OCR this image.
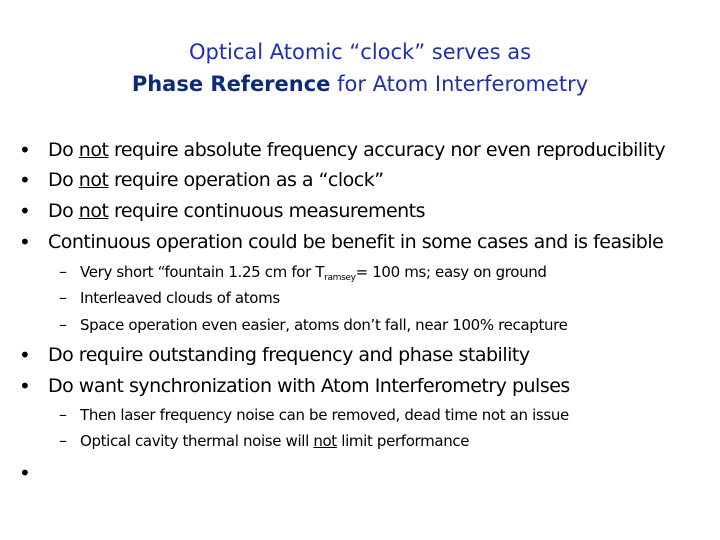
Optical Atomic “clock” serves as
Phase Reference for Atom Interferometry
• Do not require absolute frequency accuracy nor even reproducibility
• Do not require operation as a “clock”
• Do not require continuous measurements
• Continuous operation could be benefit in some cases and is feasible
– Very short “fountain 1.25 cm for $T_{ramsey}= 100$ ms; easy on ground
– Interleaved clouds of atoms
– Space operation even easier, atoms don’t fall, near 100% recapture
• Do require outstanding frequency and phase stability
• Do want synchronization with Atom Interferometry pulses
– Then laser frequency noise can be removed, dead time not an issue
– Optical cavity thermal noise will not limit performance
•
